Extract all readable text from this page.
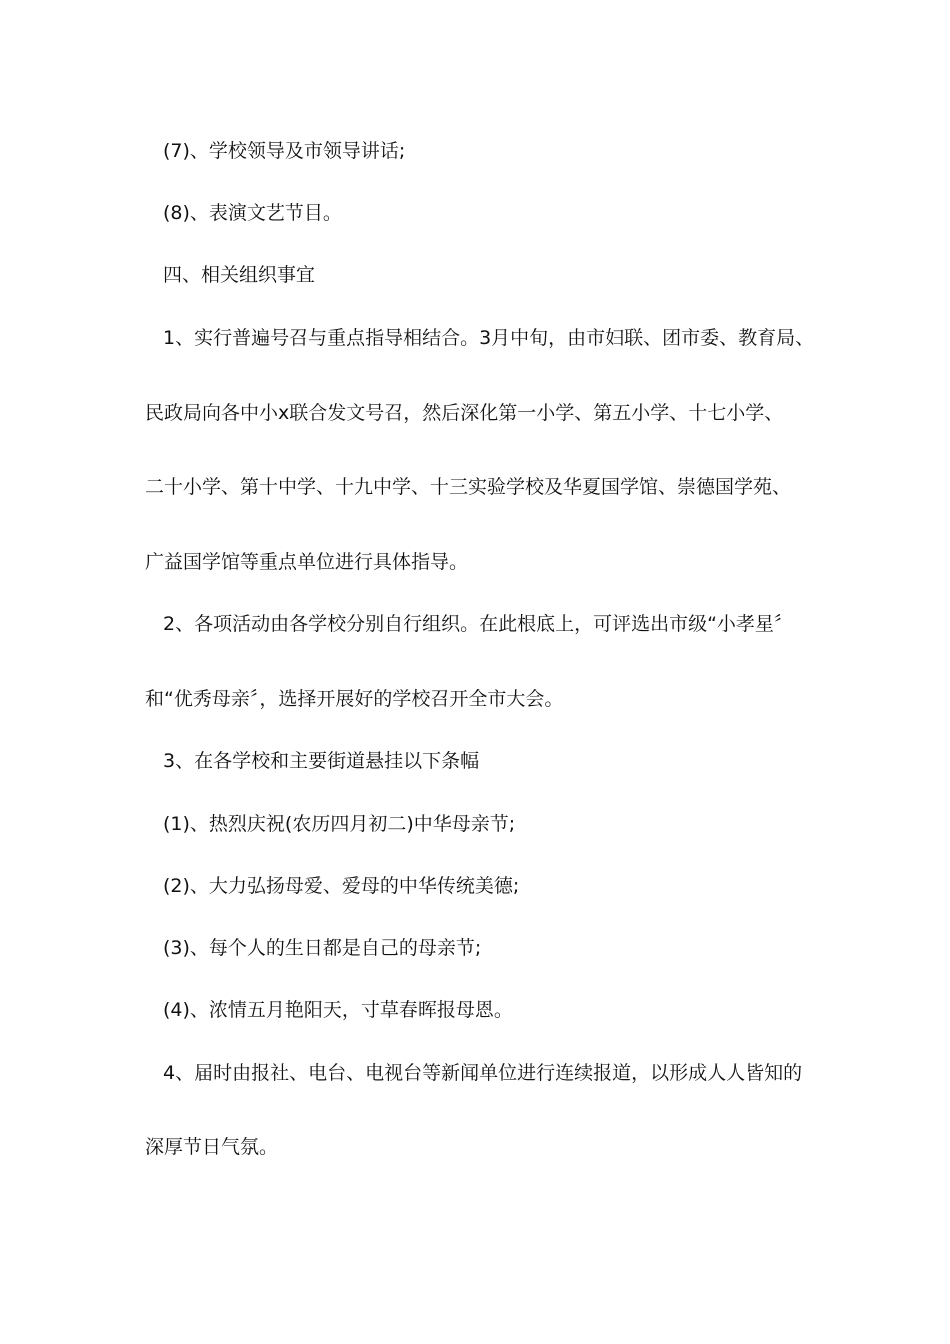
(7)、学校领导及市领导讲话;
(8)、表演文艺节目。
四、相关组织事宜
1、实行普遍号召与重点指导相结合。3月中旬，由市妇联、团市委、教育局、
民政局向各中小x联合发文号召，然后深化第一小学、第五小学、十七小学、
二十小学、第十中学、十九中学、十三实验学校及华夏国学馆、崇德国学苑、
广益国学馆等重点单位进行具体指导。
2、各项活动由各学校分别自行组织。在此根底上，可评选出市级“小孝星〞
和“优秀母亲〞，选择开展好的学校召开全市大会。
3、在各学校和主要街道悬挂以下条幅
(1)、热烈庆祝(农历四月初二)中华母亲节;
(2)、大力弘扬母爱、爱母的中华传统美德;
(3)、每个人的生日都是自己的母亲节;
(4)、浓情五月艳阳天，寸草春晖报母恩。
4、届时由报社、电台、电视台等新闻单位进行连续报道，以形成人人皆知的
深厚节日气氛。
